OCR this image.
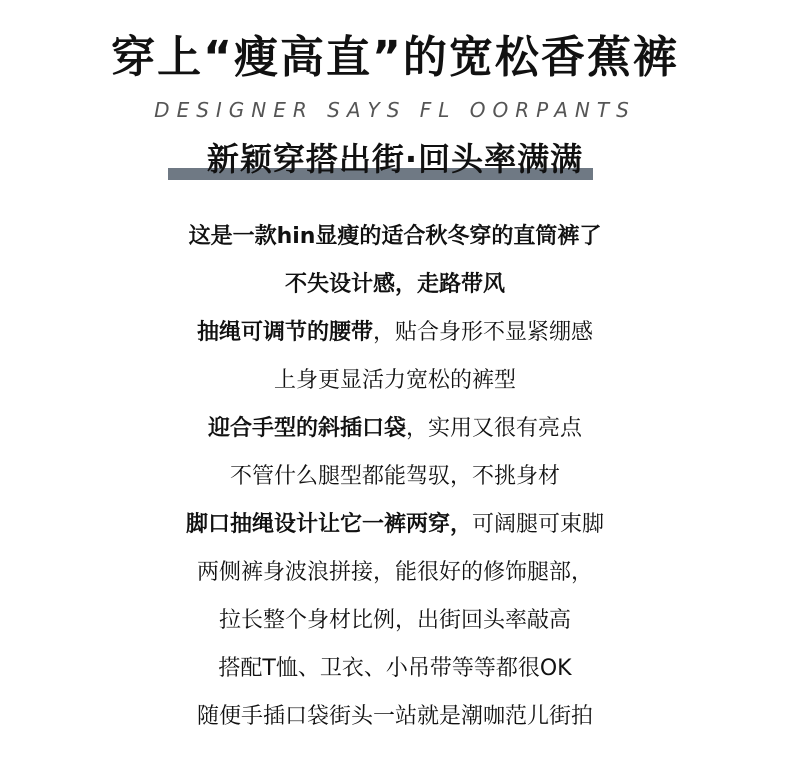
穿上“瘦高直”的宽松香蕉裤
DESIGNER SAYS FL OORPANTS
新颖穿搭出街·回头率满满
这是一款hin显瘦的适合秋冬穿的直筒裤了
不失设计感，走路带风
抽绳可调节的腰带，贴合身形不显紧绷感
上身更显活力宽松的裤型
迎合手型的斜插口袋，实用又很有亮点
不管什么腿型都能驾驭，不挑身材
脚口抽绳设计让它一裤两穿，可阔腿可束脚
两侧裤身波浪拼接，能很好的修饰腿部，
拉长整个身材比例，出街回头率敲高
搭配T恤、卫衣、小吊带等等都很OK
随便手插口袋街头一站就是潮咖范儿街拍
